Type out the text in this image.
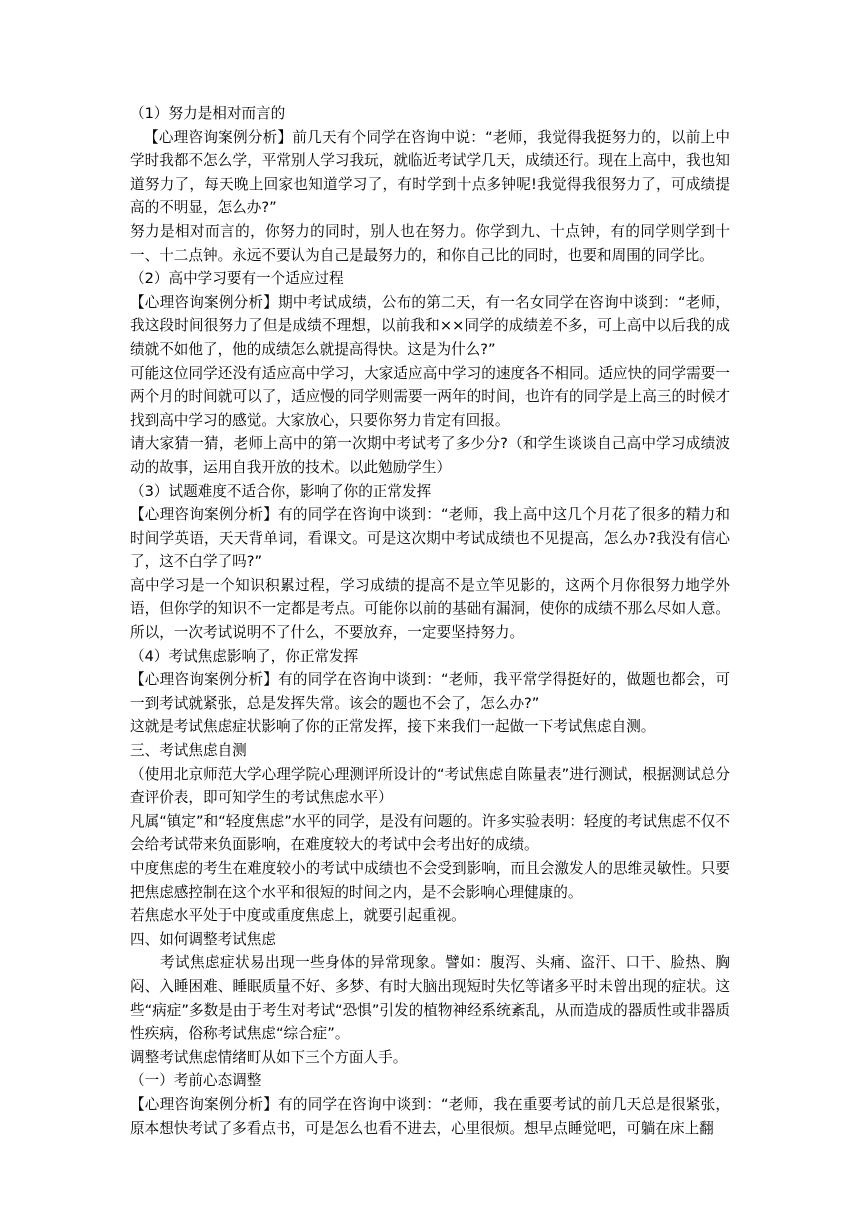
（1）努力是相对而言的

【心理咨询案例分析】前几天有个同学在咨询中说：“老师，我觉得我挺努力的，以前上中学时我都不怎么学，平常别人学习我玩，就临近考试学几天，成绩还行。现在上高中，我也知道努力了，每天晚上回家也知道学习了，有时学到十点多钟呢!我觉得我很努力了，可成绩提高的不明显，怎么办?”

努力是相对而言的，你努力的同时，别人也在努力。你学到九、十点钟，有的同学则学到十一、十二点钟。永远不要认为自己是最努力的，和你自己比的同时，也要和周围的同学比。

（2）高中学习要有一个适应过程

【心理咨询案例分析】期中考试成绩，公布的第二天，有一名女同学在咨询中谈到：“老师，我这段时间很努力了但是成绩不理想，以前我和××同学的成绩差不多，可上高中以后我的成绩就不如他了，他的成绩怎么就提高得快。这是为什么?”

可能这位同学还没有适应高中学习，大家适应高中学习的速度各不相同。适应快的同学需要一两个月的时间就可以了，适应慢的同学则需要一两年的时间，也许有的同学是上高三的时候才找到高中学习的感觉。大家放心，只要你努力肯定有回报。

请大家猜一猜，老师上高中的第一次期中考试考了多少分?（和学生谈谈自己高中学习成绩波动的故事，运用自我开放的技术。以此勉励学生）

（3）试题难度不适合你，影响了你的正常发挥

【心理咨询案例分析】有的同学在咨询中谈到：“老师，我上高中这几个月花了很多的精力和时间学英语，天天背单词，看课文。可是这次期中考试成绩也不见提高，怎么办?我没有信心了，这不白学了吗?”

高中学习是一个知识积累过程，学习成绩的提高不是立竿见影的，这两个月你很努力地学外语，但你学的知识不一定都是考点。可能你以前的基础有漏洞，使你的成绩不那么尽如人意。所以，一次考试说明不了什么，不要放弃，一定要坚持努力。

（4）考试焦虑影响了，你正常发挥

【心理咨询案例分析】有的同学在咨询中谈到：“老师，我平常学得挺好的，做题也都会，可一到考试就紧张，总是发挥失常。该会的题也不会了，怎么办?”

这就是考试焦虑症状影响了你的正常发挥，接下来我们一起做一下考试焦虑自测。

三、考试焦虑自测

（使用北京师范大学心理学院心理测评所设计的“考试焦虑自陈量表”进行测试，根据测试总分查评价表，即可知学生的考试焦虑水平）

凡属“镇定”和“轻度焦虑”水平的同学，是没有问题的。许多实验表明：轻度的考试焦虑不仅不会给考试带来负面影响，在难度较大的考试中会考出好的成绩。

中度焦虑的考生在难度较小的考试中成绩也不会受到影响，而且会激发人的思维灵敏性。只要把焦虑感控制在这个水平和很短的时间之内，是不会影响心理健康的。

若焦虑水平处于中度或重度焦虑上，就要引起重视。

四、如何调整考试焦虑

考试焦虑症状易出现一些身体的异常现象。譬如：腹泻、头痛、盗汗、口干、脸热、胸闷、入睡困难、睡眠质量不好、多梦、有时大脑出现短时失忆等诸多平时未曾出现的症状。这些“病症”多数是由于考生对考试“恐惧”引发的植物神经系统紊乱，从而造成的器质性或非器质性疾病，俗称考试焦虑“综合症”。

调整考试焦虑情绪町从如下三个方面人手。

（一）考前心态调整

【心理咨询案例分析】有的同学在咨询中谈到：“老师，我在重要考试的前几天总是很紧张，原本想快考试了多看点书，可是怎么也看不进去，心里很烦。想早点睡觉吧，可躺在床上翻
